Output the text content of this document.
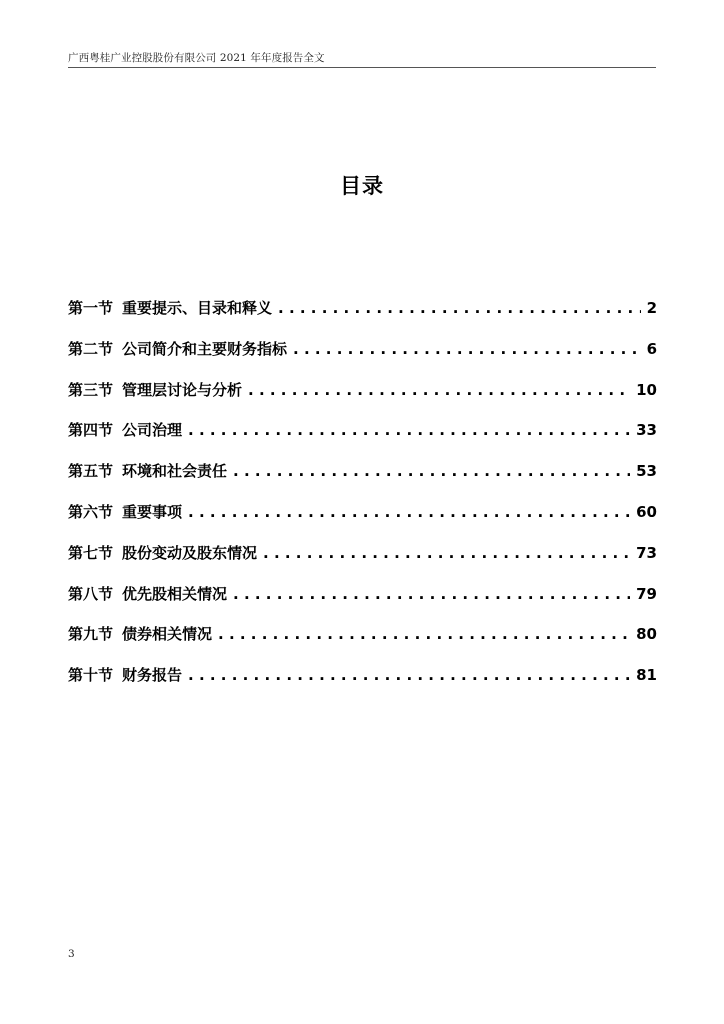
广西粤桂广业控股股份有限公司 2021 年年度报告全文
目录
第一节 重要提示、目录和释义 . . .	2
第二节 公司简介和主要财务指标 . . .	6
第三节 管理层讨论与分析 . . .	10
第四节 公司治理 . . .	33
第五节 环境和社会责任 . . .	53
第六节 重要事项 . . .	60
第七节 股份变动及股东情况 . . .	73
第八节 优先股相关情况 . . .	79
第九节 债券相关情况 . . .	80
第十节 财务报告 . . .	81
3
